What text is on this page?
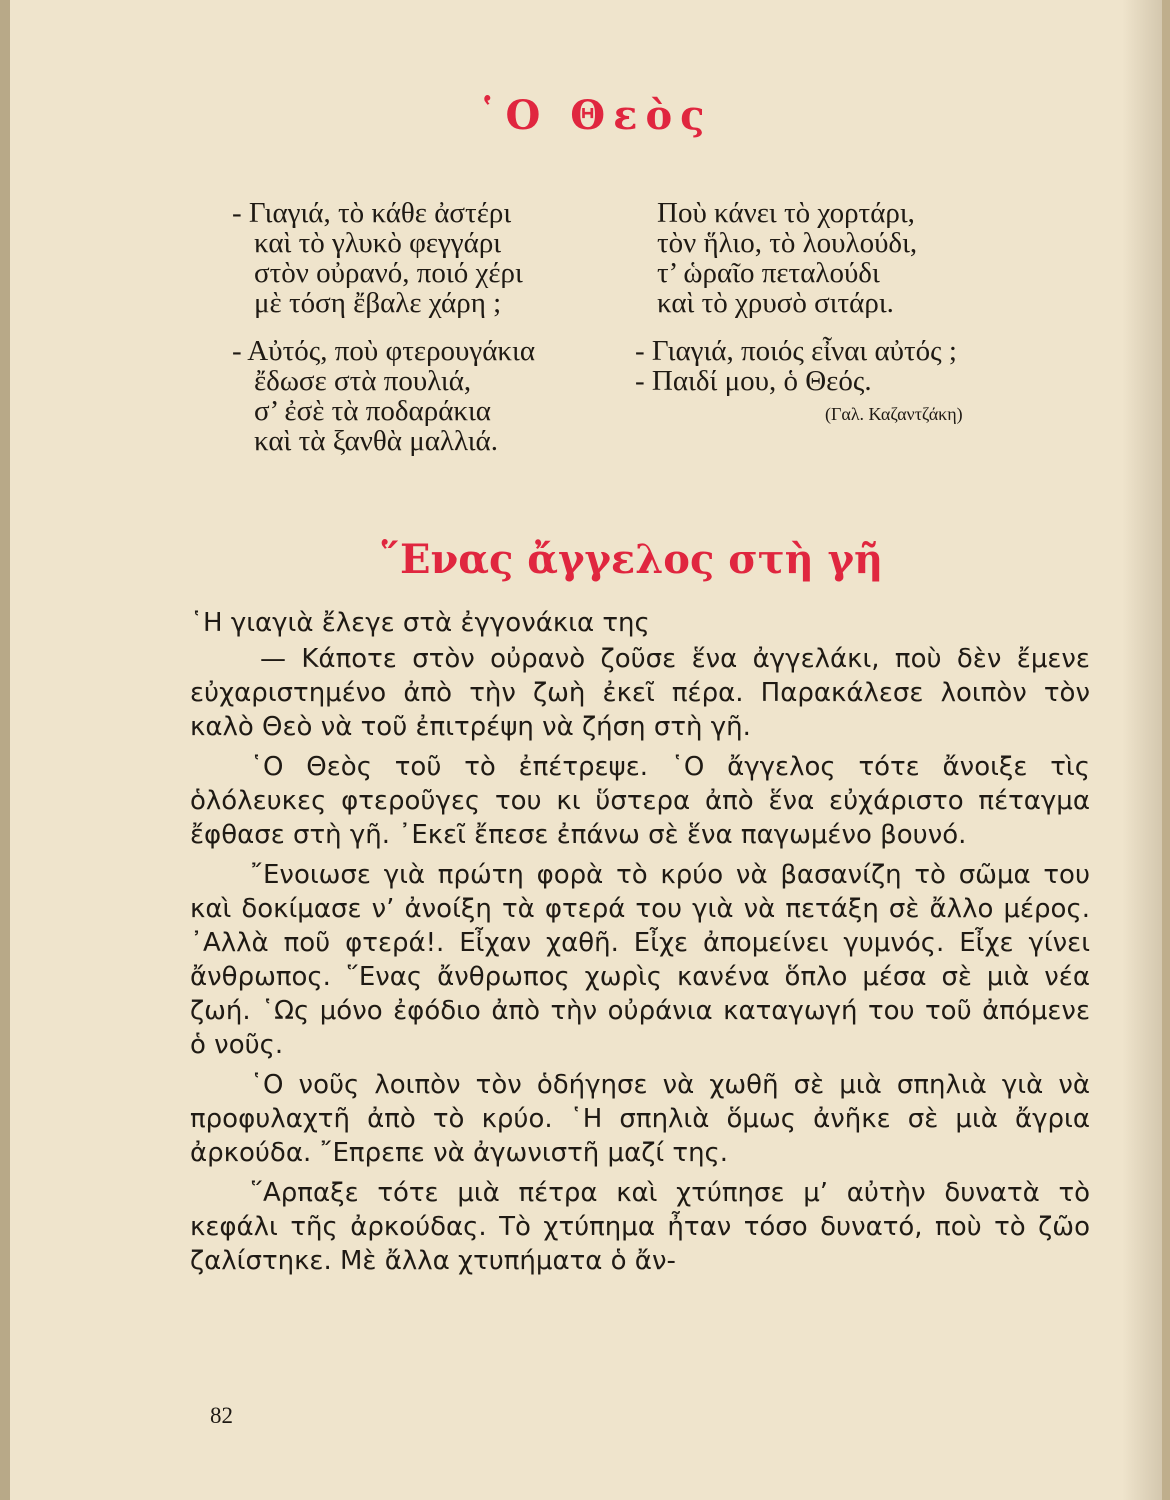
῾Ο Θεὸς
- Γιαγιά, τὸ κάθε ἀστέρι
καὶ τὸ γλυκὸ φεγγάρι
στὸν οὐρανό, ποιό χέρι
μὲ τόση ἔβαλε χάρη ;
- Αὐτός, ποὺ φτερουγάκια
ἔδωσε στὰ πουλιά,
σ’ ἐσὲ τὰ ποδαράκια
καὶ τὰ ξανθὰ μαλλιά.
Ποὺ κάνει τὸ χορτάρι,
τὸν ἥλιο, τὸ λουλούδι,
τ’ ὡραῖο πεταλούδι
καὶ τὸ χρυσὸ σιτάρι.
- Γιαγιά, ποιός εἶναι αὐτός ;
- Παιδί μου, ὁ Θεός.
(Γαλ. Καζαντζάκη)
῞Ενας ἄγγελος στὴ γῆ

῾Η γιαγιὰ ἔλεγε στὰ ἐγγονάκια της

— Κάποτε στὸν οὐρανὸ ζοῦσε ἕνα ἀγγελάκι, ποὺ δὲν ἔμενε εὐχαριστημένο ἀπὸ τὴν ζωὴ ἐκεῖ πέρα. Παρακάλεσε λοιπὸν τὸν καλὸ Θεὸ νὰ τοῦ ἐπιτρέψη νὰ ζήση στὴ γῆ.

῾Ο Θεὸς τοῦ τὸ ἐπέτρεψε. ῾Ο ἄγγελος τότε ἄνοιξε τὶς ὁλόλευκες φτεροῦγες του κι ὕστερα ἀπὸ ἕνα εὐχάριστο πέταγμα ἔφθασε στὴ γῆ. ᾿Εκεῖ ἔπεσε ἐπάνω σὲ ἕνα παγωμένο βουνό.

῎Ενοιωσε γιὰ πρώτη φορὰ τὸ κρύο νὰ βασανίζη τὸ σῶμα του καὶ δοκίμασε ν’ ἀνοίξη τὰ φτερά του γιὰ νὰ πετάξη σὲ ἄλλο μέρος. ᾿Αλλὰ ποῦ φτερά!. Εἶχαν χαθῆ. Εἶχε ἀπομείνει γυμνός. Εἶχε γίνει ἄνθρωπος. ῞Ενας ἄνθρωπος χωρὶς κανένα ὅπλο μέσα σὲ μιὰ νέα ζωή. ῾Ως μόνο ἐφόδιο ἀπὸ τὴν οὐράνια καταγωγή του τοῦ ἀπόμενε ὁ νοῦς.

῾Ο νοῦς λοιπὸν τὸν ὁδήγησε νὰ χωθῆ σὲ μιὰ σπηλιὰ γιὰ νὰ προφυλαχτῆ ἀπὸ τὸ κρύο. ῾Η σπηλιὰ ὅμως ἀνῆκε σὲ μιὰ ἄγρια ἀρκούδα. ῎Επρεπε νὰ ἀγωνιστῆ μαζί της.

῞Αρπαξε τότε μιὰ πέτρα καὶ χτύπησε μ’ αὐτὴν δυνατὰ τὸ κεφάλι τῆς ἀρκούδας. Τὸ χτύπημα ἦταν τόσο δυνατό, ποὺ τὸ ζῶο ζαλίστηκε. Μὲ ἄλλα χτυπήματα ὁ ἄν-

82
